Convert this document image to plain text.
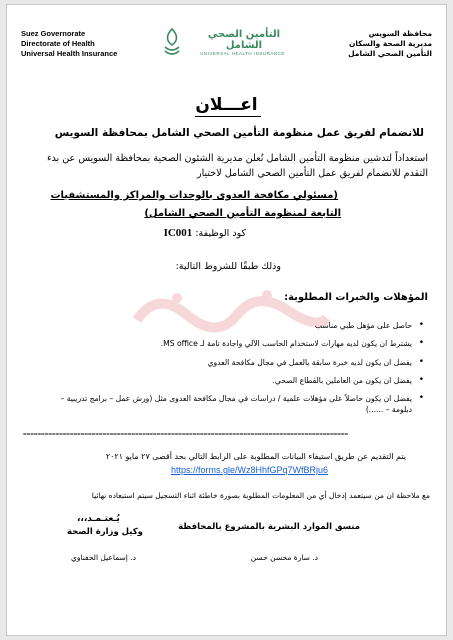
Suez Governorate
Directorate of Health
Universal Health Insurance
التأمين الصحي الشامل
UNIVERSAL HEALTH INSURANCE
محافظة السويس
مديرية الصحة والسكان
التأمين الصحي الشامل
اعـــلان
للانضمام لفريق عمل منظومة التأمين الصحي الشامل بمحافظة السويس
استعداداً لتدشين منظومة التأمين الشامل تُعلن مديرية الشئون الصحية بمحافظة السويس عن بدء التقدم للانضمام لفريق عمل التأمين الصحي الشامل لاختيار
(مسئولي مكافحة العدوى بالوحدات والمراكز والمستشفيات
التابعة لمنظومة التأمين الصحي الشامل)
كود الوظيفة: IC001
وذلك طبقًا للشروط التالية:
المؤهلات والخبرات المطلوبة:
• حاصل على مؤهل طبي مناسب
• يشترط ان يكون لديه مهارات لاستخدام الحاسب الآلي واجادة تامة لـ MS office.
• يفضل ان يكون لديه خبرة سابقة بالعمل في مجال مكافحة العدوي
• يفضل ان يكون من العاملين بالقطاع الصحي.
• يفضل ان يكون حاصلاً على مؤهلات علمية / دراسات في مجال مكافحة العدوى مثل (ورش عمل – برامج تدريبية – دبلومة – ......)
==========================================================================================
يتم التقديم عن طريق استيفاء البيانات المطلوبة على الرابط التالي بحد أقصى ٢٧ مايو ٢٠٢١
https://forms.gle/Wz8HhfGPq7WfBRju6
مع ملاحظة ان من سيتعمد إدخال أي من المعلومات المطلوبة بصورة خاطئة اثناء التسجيل سيتم استبعاده نهائيا
يُـعتـمـد،،،
وكيل وزارة الصحة	منسق الموارد البشرية بالمشروع بالمحافظة
د. إسماعيل الحفناوي	د. سارة محسن حسن
